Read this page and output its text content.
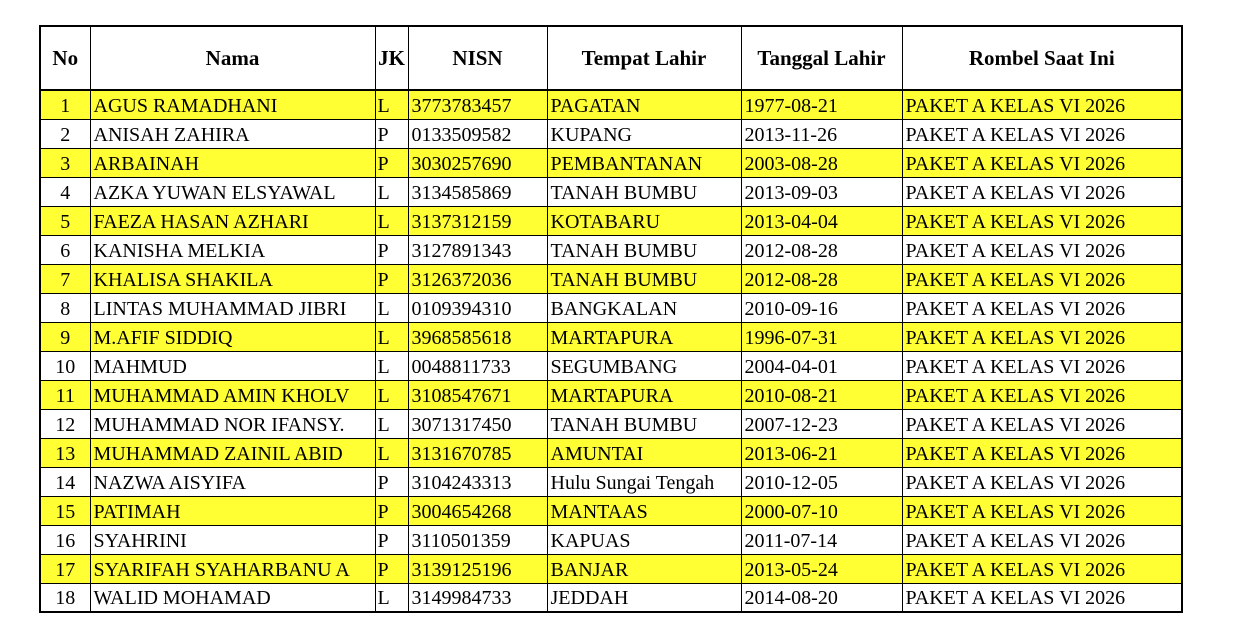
No	Nama	JK	NISN	Tempat Lahir	Tanggal Lahir	Rombel Saat Ini
1	AGUS RAMADHANI	L	3773783457	PAGATAN	1977-08-21	PAKET A KELAS VI 2026
2	ANISAH ZAHIRA	P	0133509582	KUPANG	2013-11-26	PAKET A KELAS VI 2026
3	ARBAINAH	P	3030257690	PEMBANTANAN	2003-08-28	PAKET A KELAS VI 2026
4	AZKA YUWAN ELSYAWAL	L	3134585869	TANAH BUMBU	2013-09-03	PAKET A KELAS VI 2026
5	FAEZA HASAN AZHARI	L	3137312159	KOTABARU	2013-04-04	PAKET A KELAS VI 2026
6	KANISHA MELKIA	P	3127891343	TANAH BUMBU	2012-08-28	PAKET A KELAS VI 2026
7	KHALISA SHAKILA	P	3126372036	TANAH BUMBU	2012-08-28	PAKET A KELAS VI 2026
8	LINTAS MUHAMMAD JIBRI	L	0109394310	BANGKALAN	2010-09-16	PAKET A KELAS VI 2026
9	M.AFIF SIDDIQ	L	3968585618	MARTAPURA	1996-07-31	PAKET A KELAS VI 2026
10	MAHMUD	L	0048811733	SEGUMBANG	2004-04-01	PAKET A KELAS VI 2026
11	MUHAMMAD AMIN KHOLV	L	3108547671	MARTAPURA	2010-08-21	PAKET A KELAS VI 2026
12	MUHAMMAD NOR IFANSY.	L	3071317450	TANAH BUMBU	2007-12-23	PAKET A KELAS VI 2026
13	MUHAMMAD ZAINIL ABID	L	3131670785	AMUNTAI	2013-06-21	PAKET A KELAS VI 2026
14	NAZWA AISYIFA	P	3104243313	Hulu Sungai Tengah	2010-12-05	PAKET A KELAS VI 2026
15	PATIMAH	P	3004654268	MANTAAS	2000-07-10	PAKET A KELAS VI 2026
16	SYAHRINI	P	3110501359	KAPUAS	2011-07-14	PAKET A KELAS VI 2026
17	SYARIFAH SYAHARBANU A	P	3139125196	BANJAR	2013-05-24	PAKET A KELAS VI 2026
18	WALID MOHAMAD	L	3149984733	JEDDAH	2014-08-20	PAKET A KELAS VI 2026
